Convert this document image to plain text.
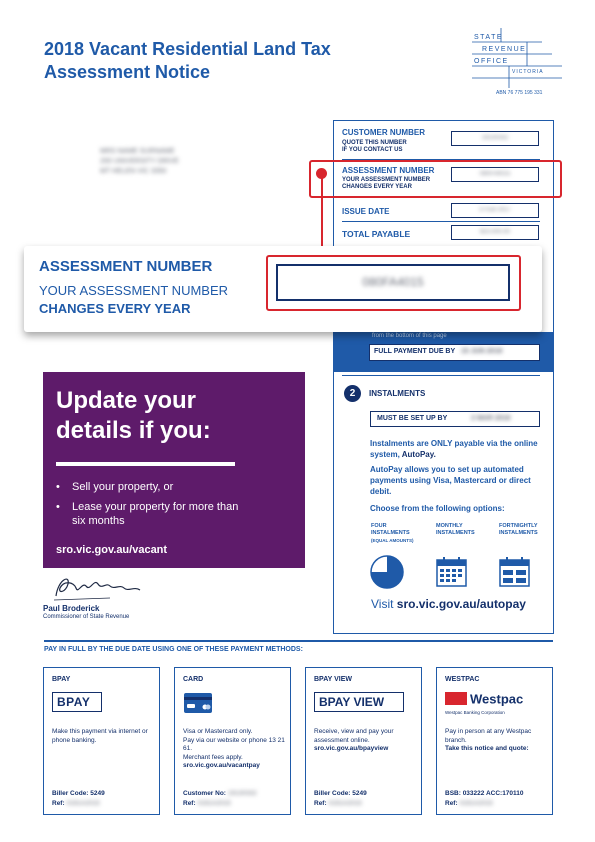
2018 Vacant Residential Land Tax
Assessment Notice
STATE
REVENUE
OFFICE
VICTORIA
ABN 76 775 195 331
MRS NAME SURNAME
200 UNIVERSITY DRIVE
MT HELEN VIC 3350
CUSTOMER NUMBER
QUOTE THIS NUMBER
IF YOU CONTACT US
19130332
ASSESSMENT NUMBER
YOUR ASSESSMENT NUMBER
CHANGES EVERY YEAR
080FA4015
ISSUE DATE	3 FEB 2017
TOTAL PAYABLE	$10,000.00
from the bottom of this page
FULL PAYMENT DUE BY 15 JUN 2018
ASSESSMENT NUMBER
YOUR ASSESSMENT NUMBER
CHANGES EVERY YEAR
080FA4015
Update your
details if you:
• Sell your property, or
• Lease your property for more than six months
sro.vic.gov.au/vacant
Paul Broderick
Commissioner of State Revenue
2	INSTALMENTS
MUST BE SET UP BY	2 MAR 2018
Instalments are ONLY payable via the online system, AutoPay.
AutoPay allows you to set up automated payments using Visa, Mastercard or direct debit.
Choose from the following options:
FOUR
INSTALMENTS
(EQUAL AMOUNTS)
MONTHLY
INSTALMENTS
FORTNIGHTLY
INSTALMENTS
Visit sro.vic.gov.au/autopay
PAY IN FULL BY THE DUE DATE USING ONE OF THESE PAYMENT METHODS:
BPAY
BPAY
Make this payment via internet or phone banking.
Biller Code: 5249
Ref: 0191A2015
CARD
Visa or Mastercard only.
Pay via our website or phone 13 21 61.
Merchant fees apply.
sro.vic.gov.au/vacantpay
Customer No: 19130332
Ref: 0191A2015
BPAY VIEW
BPAY VIEW
Receive, view and pay your assessment online.
sro.vic.gov.au/bpayview
Biller Code: 5249
Ref: 0191A2015
WESTPAC
Westpac
Westpac Banking Corporation
Pay in person at any Westpac branch.
Take this notice and quote:
BSB: 033222 ACC:170110
Ref: 0191A2015
